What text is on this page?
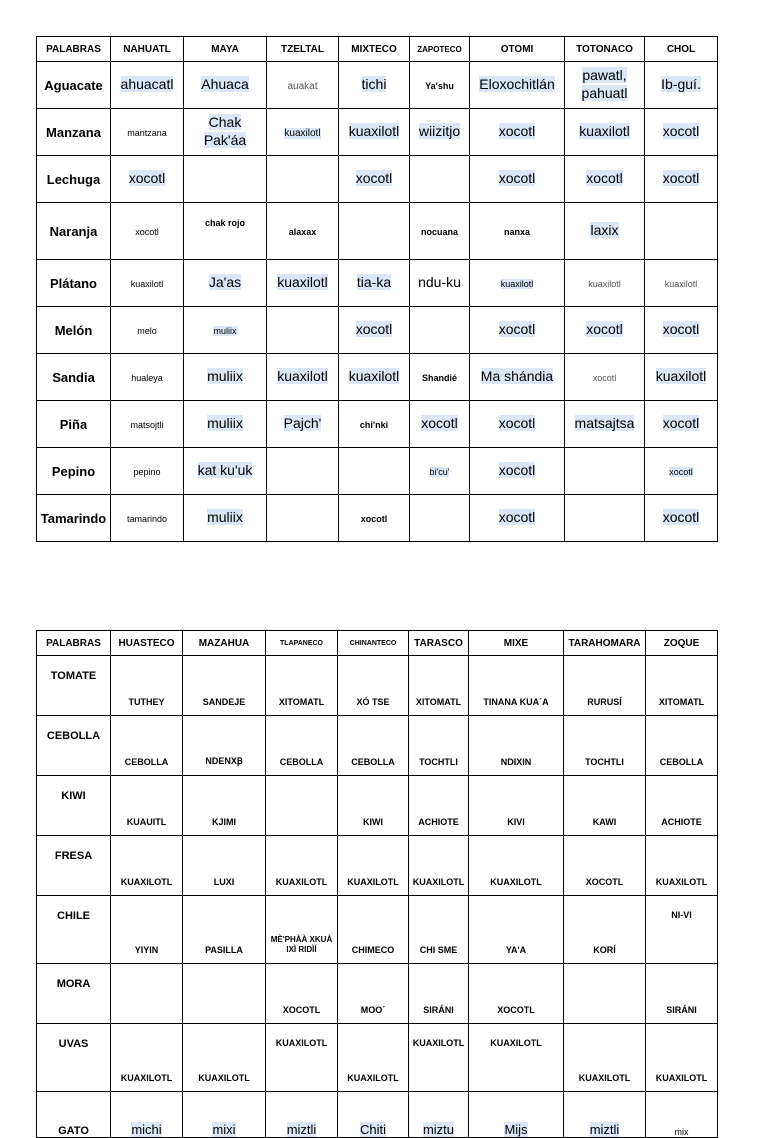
PALABRAS	NAHUATL	MAYA	TZELTAL	MIXTECO	ZAPOTECO	OTOMI	TOTONACO	CHOL
Aguacate	ahuacatl	Ahuaca	auakat	tichi	Ya'shu	Eloxochitlán	pawatl, pahuatl	Ib-guí.
Manzana	mantzana	Chak Pak'áa	kuaxilotl	kuaxilotl	wiizitjo	xocotl	kuaxilotl	xocotl
Lechuga	xocotl			xocotl		xocotl	xocotl	xocotl
Naranja	xocotl	chak rojo	alaxax		nocuana	nanxa	laxix	
Plátano	kuaxilotl	Ja'as	kuaxilotl	tia-ka	ndu-ku	kuaxilotl	kuaxilotl	kuaxilotl
Melón	melo	muliix		xocotl		xocotl	xocotl	xocotl
Sandia	hualeya	muliix	kuaxilotl	kuaxilotl	Shandié	Ma shándia	xocotl	kuaxilotl
Piña	matsojtli	muliix	Pajch'	chi'nki	xocotl	xocotl	matsajtsa	xocotl
Pepino	pepino	kat ku'uk			bi'cu'	xocotl		xocotl
Tamarindo	tamarindo	muliix		xocotl		xocotl		xocotl
PALABRAS	HUASTECO	MAZAHUA	TLAPANECO	CHINANTECO	TARASCO	MIXE	TARAHOMARA	ZOQUE
TOMATE	TUTHEY	SANDEJE	XITOMATL	XÓ TSE	XITOMATL	TINANA KUA´A	RURUSÍ	XITOMATL
CEBOLLA	CEBOLLA	NDENXꞴ	CEBOLLA	CEBOLLA	TOCHTLI	NDIXIN	TOCHTLI	CEBOLLA
KIWI	KUAUITL	KJIMI		KIWI	ACHIOTE	KIVI	KAWI	ACHIOTE
FRESA	KUAXILOTL	LUXI	KUAXILOTL	KUAXILOTL	KUAXILOTL	KUAXILOTL	XOCOTL	KUAXILOTL
CHILE	YIYIN	PASILLA	MÈ'PHÀÀ XKUÀ IXÌ RIDÌÍ	CHIMECO	CHI SME	YA'A	KORÍ	NI-VI
MORA			XOCOTL	MOO´	SIRÁNI	XOCOTL		SIRÁNI
UVAS	KUAXILOTL	KUAXILOTL	KUAXILOTL	KUAXILOTL	KUAXILOTL	KUAXILOTL	KUAXILOTL	KUAXILOTL
GATO	michi	mixi	miztli	Chiti	miztu	Mijs	miztli	mix
